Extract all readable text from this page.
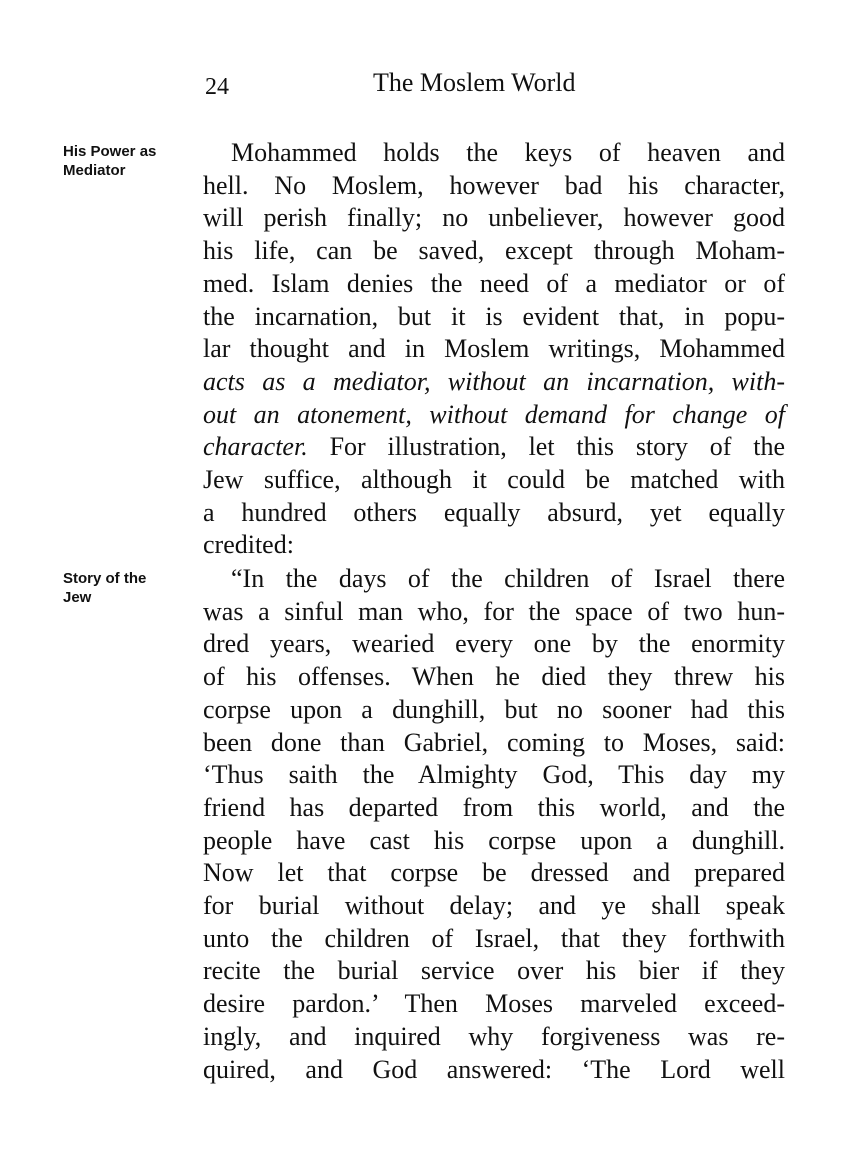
24	The Moslem World
His Power as
Mediator
Mohammed holds the keys of heaven and
hell. No Moslem, however bad his character,
will perish finally; no unbeliever, however good
his life, can be saved, except through Moham-
med. Islam denies the need of a mediator or of
the incarnation, but it is evident that, in popu-
lar thought and in Moslem writings, Mohammed
acts as a mediator, without an incarnation, with-
out an atonement, without demand for change of
character. For illustration, let this story of the
Jew suffice, although it could be matched with
a hundred others equally absurd, yet equally
credited:
Story of the
Jew
“In the days of the children of Israel there
was a sinful man who, for the space of two hun-
dred years, wearied every one by the enormity
of his offenses. When he died they threw his
corpse upon a dunghill, but no sooner had this
been done than Gabriel, coming to Moses, said:
‘Thus saith the Almighty God, This day my
friend has departed from this world, and the
people have cast his corpse upon a dunghill.
Now let that corpse be dressed and prepared
for burial without delay; and ye shall speak
unto the children of Israel, that they forthwith
recite the burial service over his bier if they
desire pardon.’ Then Moses marveled exceed-
ingly, and inquired why forgiveness was re-
quired, and God answered: ‘The Lord well
